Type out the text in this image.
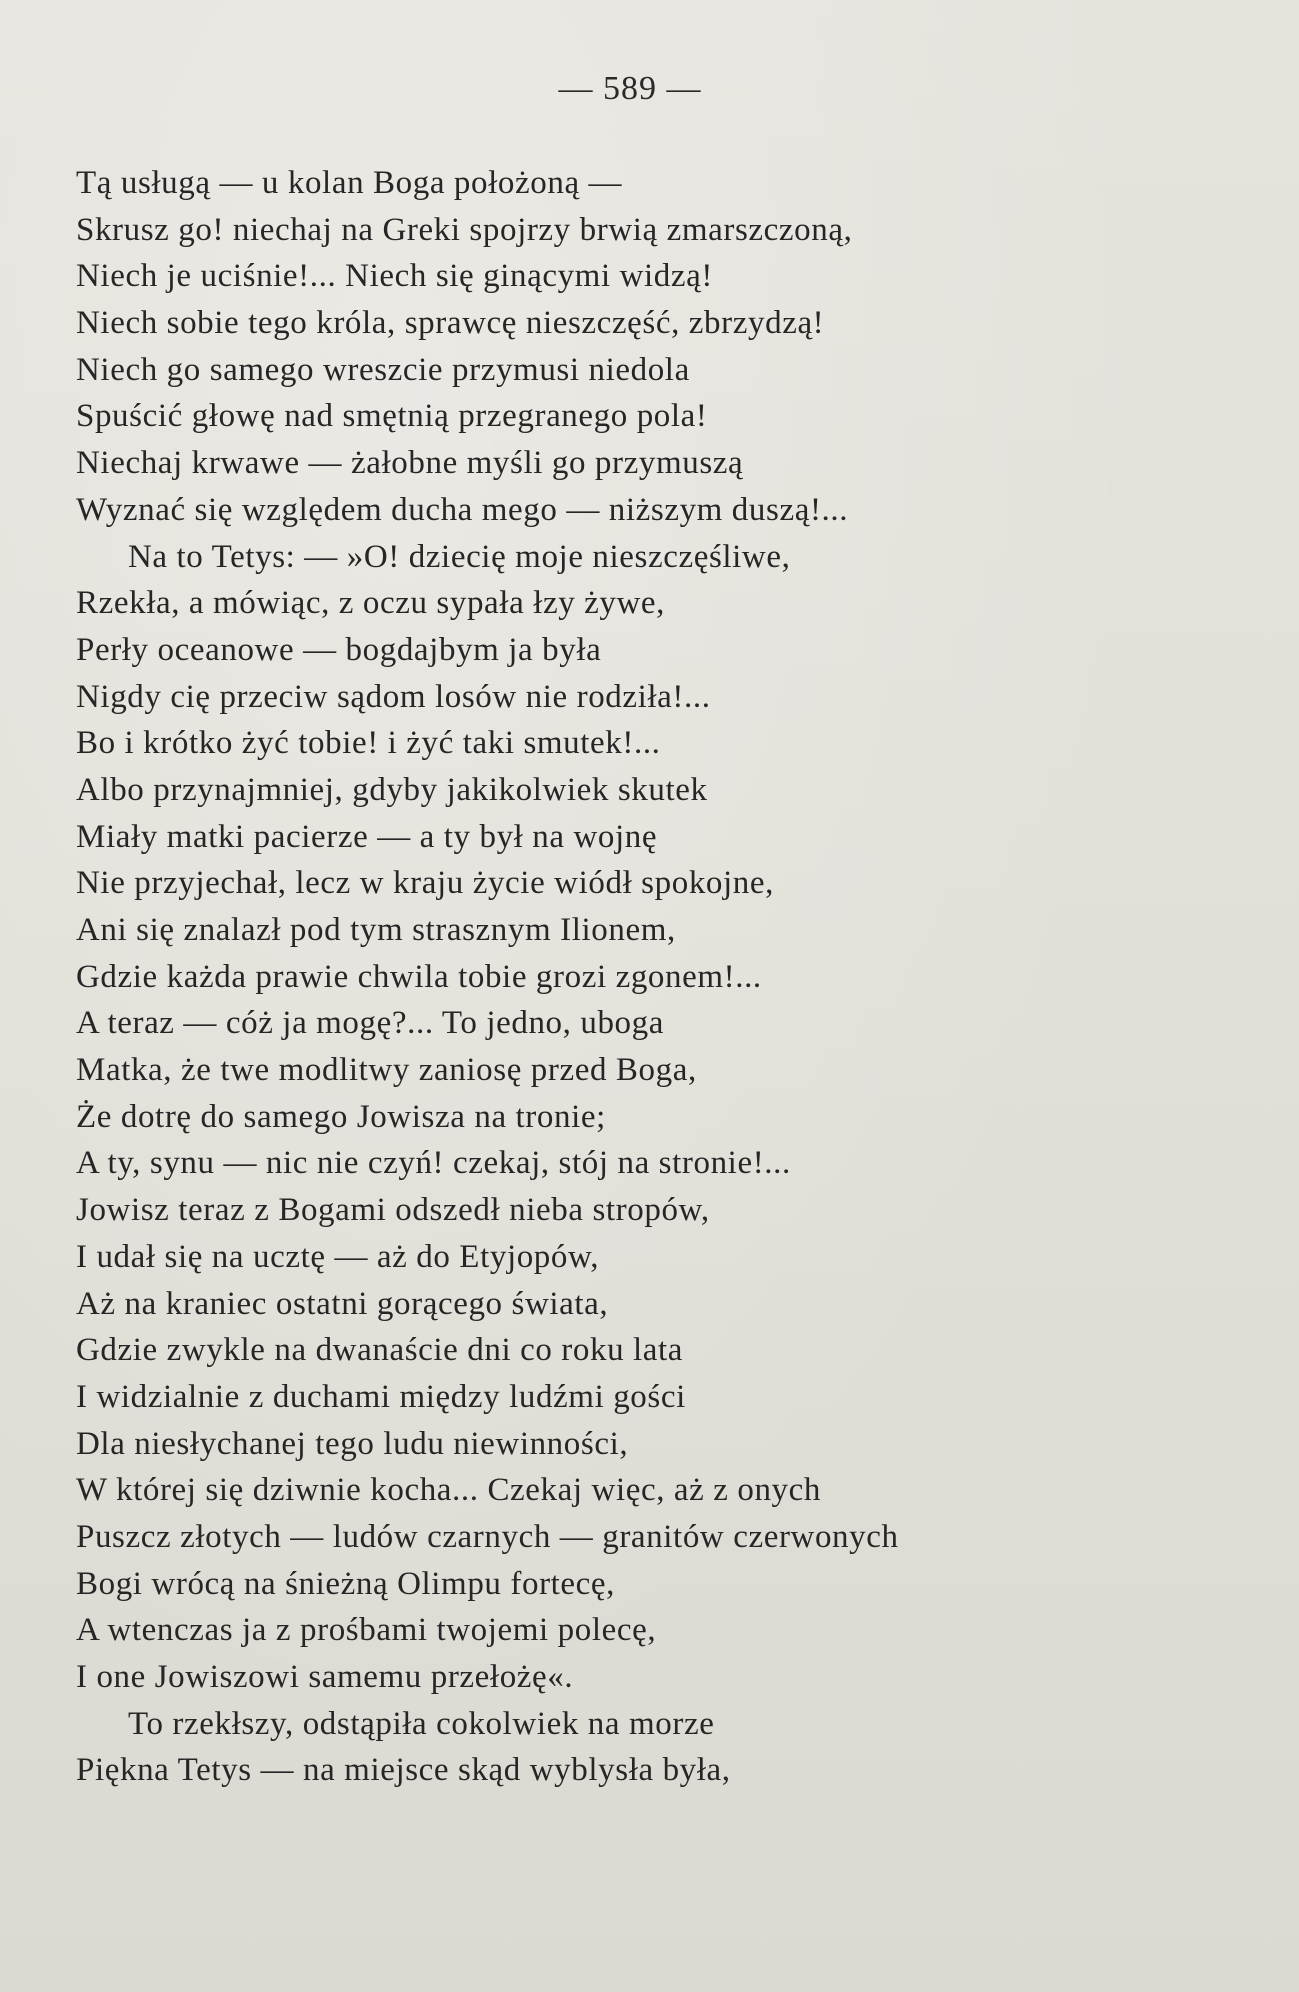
— 589 —
Tą usługą — u kolan Boga położoną —
Skrusz go! niechaj na Greki spojrzy brwią zmarszczoną,
Niech je uciśnie!... Niech się ginącymi widzą!
Niech sobie tego króla, sprawcę nieszczęść, zbrzydzą!
Niech go samego wreszcie przymusi niedola
Spuścić głowę nad smętnią przegranego pola!
Niechaj krwawe — żałobne myśli go przymuszą
Wyznać się względem ducha mego — niższym duszą!...
Na to Tetys: — »O! dziecię moje nieszczęśliwe,
Rzekła, a mówiąc, z oczu sypała łzy żywe,
Perły oceanowe — bogdajbym ja była
Nigdy cię przeciw sądom losów nie rodziła!...
Bo i krótko żyć tobie! i żyć taki smutek!...
Albo przynajmniej, gdyby jakikolwiek skutek
Miały matki pacierze — a ty był na wojnę
Nie przyjechał, lecz w kraju życie wiódł spokojne,
Ani się znalazł pod tym strasznym Ilionem,
Gdzie każda prawie chwila tobie grozi zgonem!...
A teraz — cóż ja mogę?... To jedno, uboga
Matka, że twe modlitwy zaniosę przed Boga,
Że dotrę do samego Jowisza na tronie;
A ty, synu — nic nie czyń! czekaj, stój na stronie!...
Jowisz teraz z Bogami odszedł nieba stropów,
I udał się na ucztę — aż do Etyjopów,
Aż na kraniec ostatni gorącego świata,
Gdzie zwykle na dwanaście dni co roku lata
I widzialnie z duchami między ludźmi gości
Dla niesłychanej tego ludu niewinności,
W której się dziwnie kocha... Czekaj więc, aż z onych
Puszcz złotych — ludów czarnych — granitów czerwonych
Bogi wrócą na śnieżną Olimpu fortecę,
A wtenczas ja z prośbami twojemi polecę,
I one Jowiszowi samemu przełożę«.
To rzekłszy, odstąpiła cokolwiek na morze
Piękna Tetys — na miejsce skąd wyblysła była,
